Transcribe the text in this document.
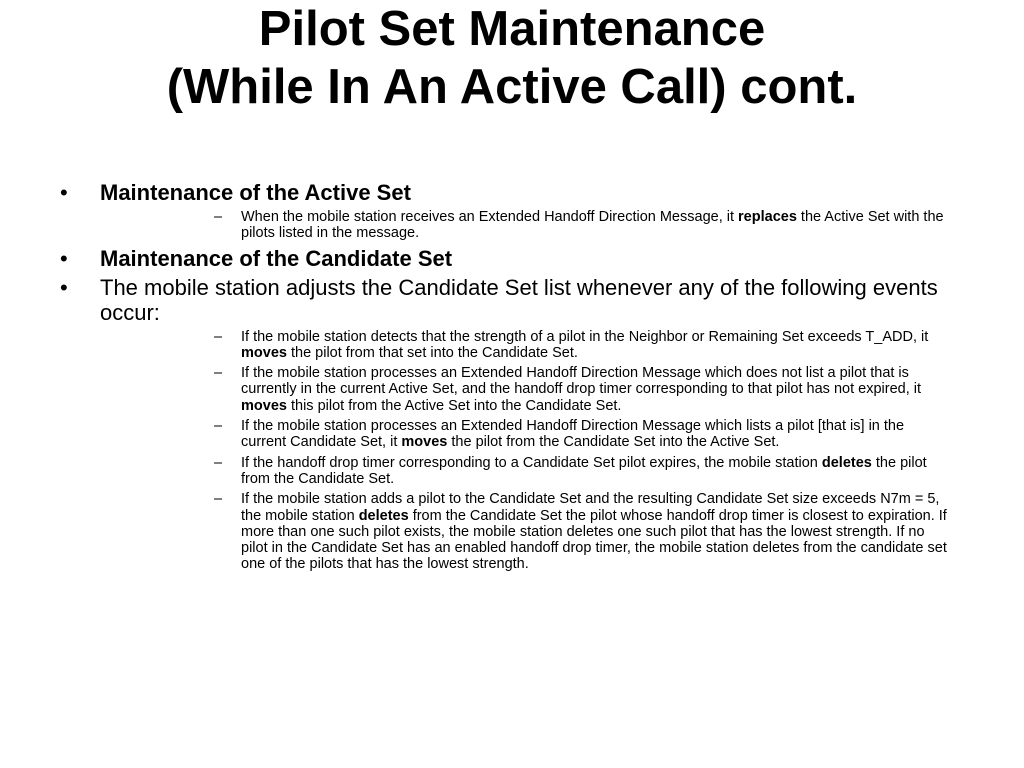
Pilot Set Maintenance
(While In An Active Call) cont.
• Maintenance of the Active Set
– When the mobile station receives an Extended Handoff Direction Message, it replaces the Active Set with the pilots listed in the message.
• Maintenance of the Candidate Set
• The mobile station adjusts the Candidate Set list whenever any of the following events occur:
– If the mobile station detects that the strength of a pilot in the Neighbor or Remaining Set exceeds T_ADD, it moves the pilot from that set into the Candidate Set.
– If the mobile station processes an Extended Handoff Direction Message which does not list a pilot that is currently in the current Active Set, and the handoff drop timer corresponding to that pilot has not expired, it moves this pilot from the Active Set into the Candidate Set.
– If the mobile station processes an Extended Handoff Direction Message which lists a pilot [that is] in the current Candidate Set, it moves the pilot from the Candidate Set into the Active Set.
– If the handoff drop timer corresponding to a Candidate Set pilot expires, the mobile station deletes the pilot from the Candidate Set.
– If the mobile station adds a pilot to the Candidate Set and the resulting Candidate Set size exceeds N7m = 5, the mobile station deletes from the Candidate Set the pilot whose handoff drop timer is closest to expiration. If more than one such pilot exists, the mobile station deletes one such pilot that has the lowest strength. If no pilot in the Candidate Set has an enabled handoff drop timer, the mobile station deletes from the candidate set one of the pilots that has the lowest strength.
